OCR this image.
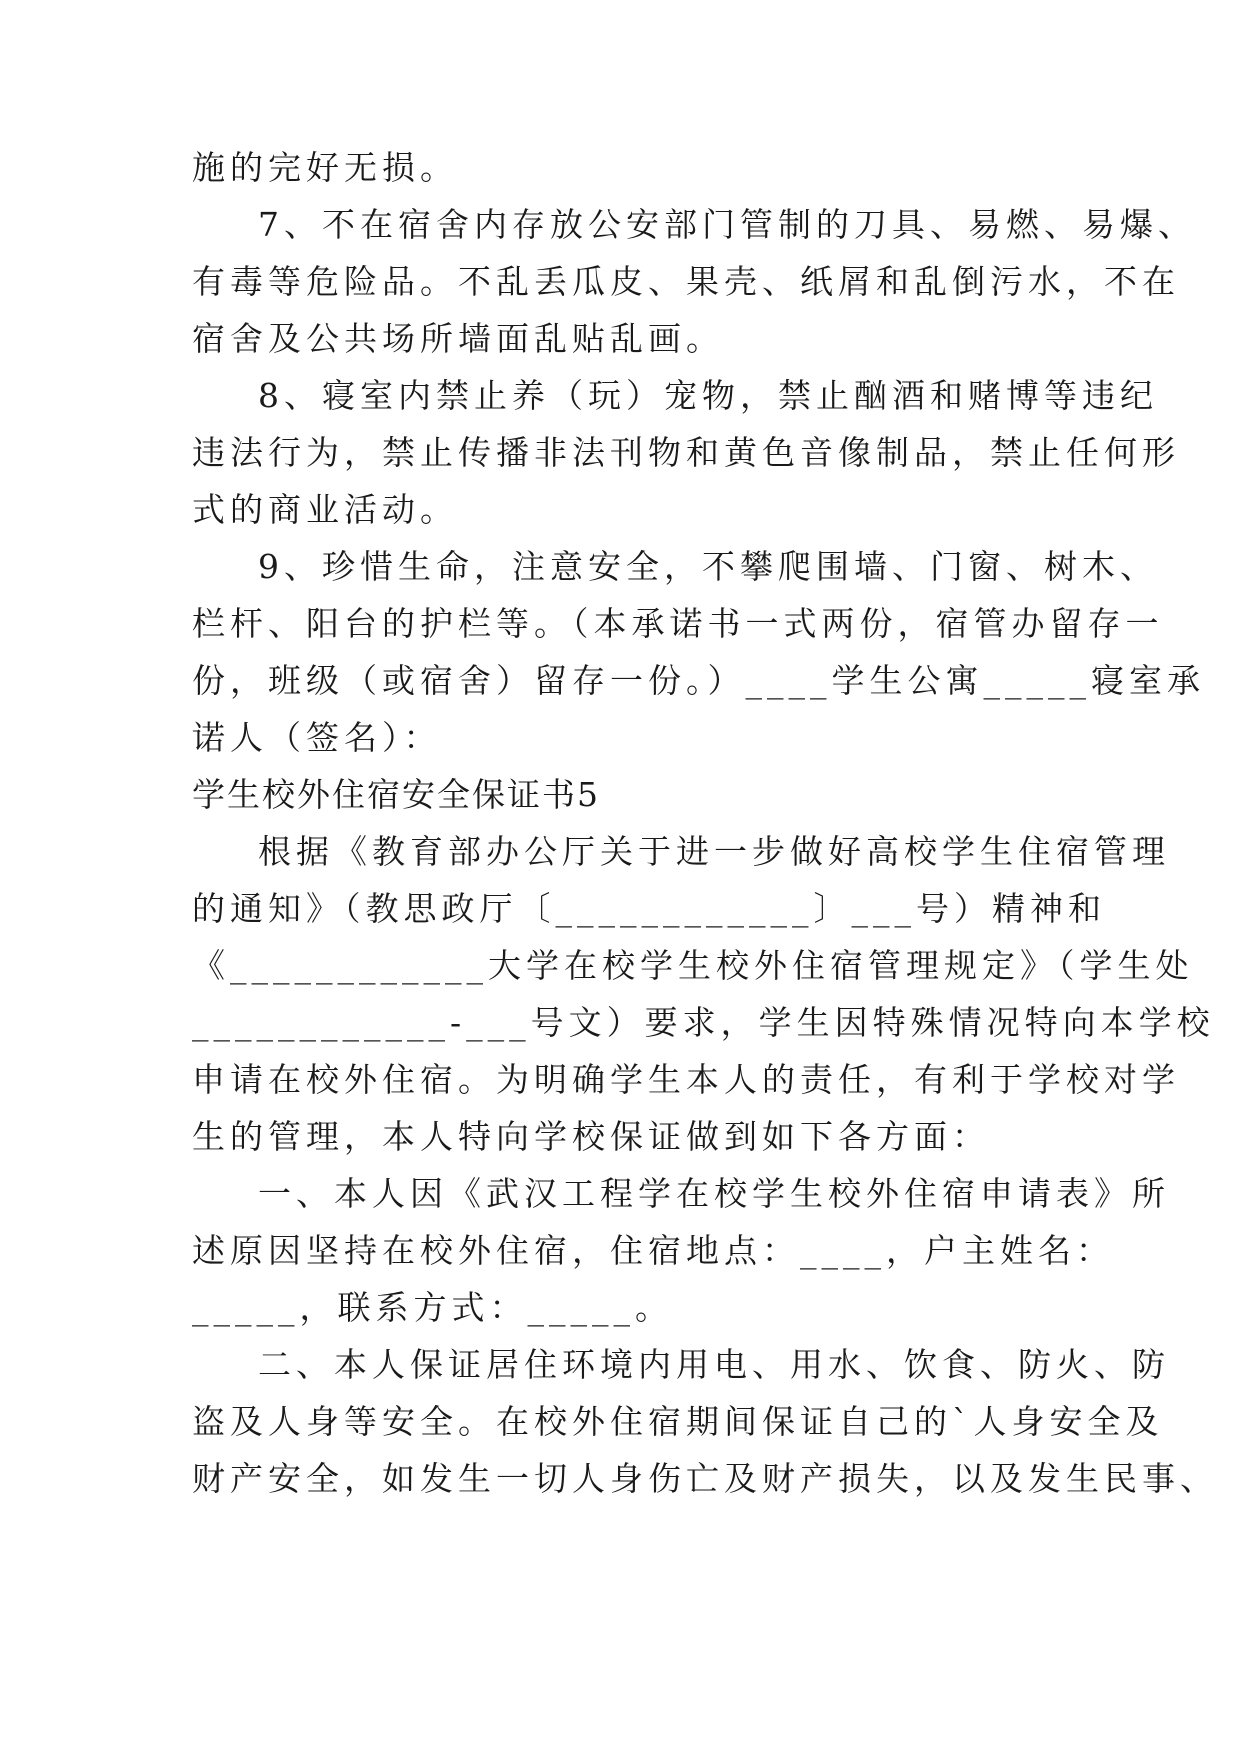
施的完好无损。
7、不在宿舍内存放公安部门管制的刀具、易燃、易爆、
有毒等危险品。不乱丢瓜皮、果壳、纸屑和乱倒污水，不在
宿舍及公共场所墙面乱贴乱画。
8、寝室内禁止养（玩）宠物，禁止酗酒和赌博等违纪
违法行为，禁止传播非法刊物和黄色音像制品，禁止任何形
式的商业活动。
9、珍惜生命，注意安全，不攀爬围墙、门窗、树木、
栏杆、阳台的护栏等。（本承诺书一式两份，宿管办留存一
份，班级（或宿舍）留存一份。）____学生公寓_____寝室承
诺人（签名）：
学生校外住宿安全保证书5
根据《教育部办公厅关于进一步做好高校学生住宿管理
的通知》（教思政厅〔____________〕___号）精神和
《____________大学在校学生校外住宿管理规定》（学生处
____________-___号文）要求，学生因特殊情况特向本学校
申请在校外住宿。为明确学生本人的责任，有利于学校对学
生的管理，本人特向学校保证做到如下各方面：
一、本人因《武汉工程学在校学生校外住宿申请表》所
述原因坚持在校外住宿，住宿地点：____，户主姓名：
_____，联系方式：_____。
二、本人保证居住环境内用电、用水、饮食、防火、防
盗及人身等安全。在校外住宿期间保证自己的`人身安全及
财产安全，如发生一切人身伤亡及财产损失，以及发生民事、
